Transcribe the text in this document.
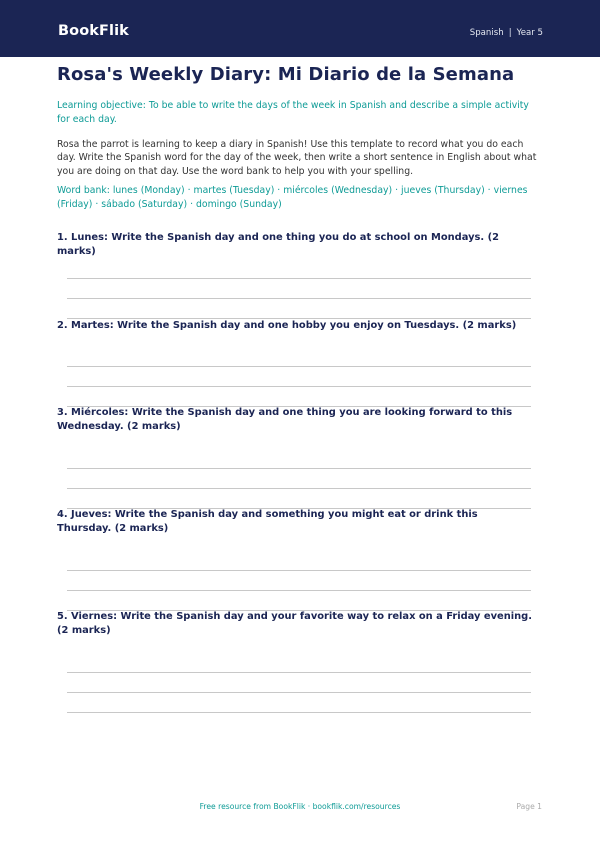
BookFlik	Spanish | Year 5
Rosa's Weekly Diary: Mi Diario de la Semana
Learning objective: To be able to write the days of the week in Spanish and describe a simple activity for each day.
Rosa the parrot is learning to keep a diary in Spanish! Use this template to record what you do each day. Write the Spanish word for the day of the week, then write a short sentence in English about what you are doing on that day. Use the word bank to help you with your spelling.
Word bank: lunes (Monday) · martes (Tuesday) · miércoles (Wednesday) · jueves (Thursday) · viernes (Friday) · sábado (Saturday) · domingo (Sunday)
1. Lunes: Write the Spanish day and one thing you do at school on Mondays. (2 marks)
2. Martes: Write the Spanish day and one hobby you enjoy on Tuesdays. (2 marks)
3. Miércoles: Write the Spanish day and one thing you are looking forward to this Wednesday. (2 marks)
4. Jueves: Write the Spanish day and something you might eat or drink this Thursday. (2 marks)
5. Viernes: Write the Spanish day and your favorite way to relax on a Friday evening. (2 marks)
Free resource from BookFlik · bookflik.com/resources	Page 1
